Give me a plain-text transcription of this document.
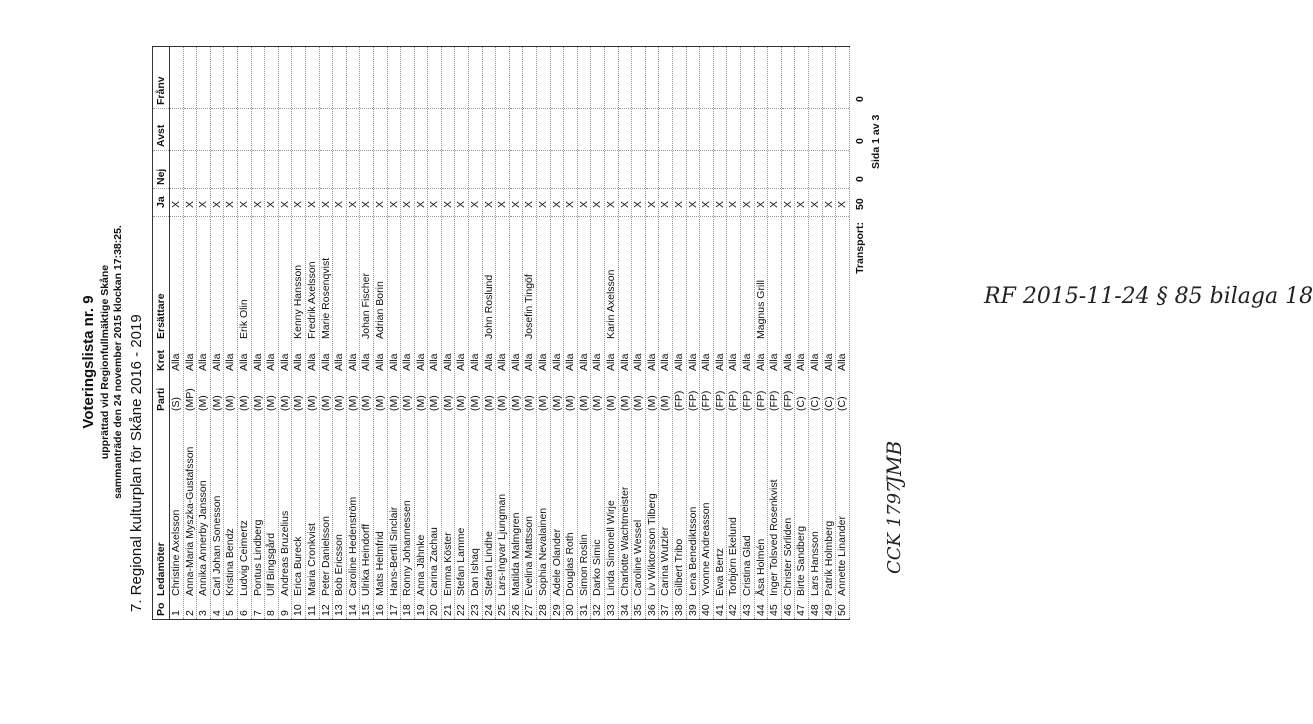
Voteringslista nr. 9 upprättad vid Regionfullmäktige Skåne sammanträde den 24 november 2015 klockan 17:38:25. 7. Regional kulturplan för Skåne 2016 - 2019 Po
Ledamöter
Parti
Kret
Ersättare
Ja
Nej
Avst
Frånv
1
Christine Axelsson
(S)
Alla
X
2
Anna-Maria Myszka-Gustafsson
(MP)
Alla
X
3
Annika Annerby Jansson
(M)
Alla
X
4
Carl Johan Sonesson
(M)
Alla
X
5
Kristina Bendz
(M)
Alla
X
6
Ludvig Ceimertz
(M)
Alla
Erik Olin
X
7
Pontus Lindberg
(M)
Alla
X
8
Ulf Bingsgård
(M)
Alla
X
9
Andreas Bruzelius
(M)
Alla
X
10
Erica Bureck
(M)
Alla
Kenny Hansson
X
11
Maria Cronkvist
(M)
Alla
Fredrik Axelsson
X
12
Peter Danielsson
(M)
Alla
Marie Rosenqvist
X
13
Bob Ericsson
(M)
Alla
X
14
Caroline Hedenström
(M)
Alla
X
15
Ulrika Heindorff
(M)
Alla
Johan Fischer
X
16
Mats Helmfrid
(M)
Alla
Adrian Borin
X
17
Hans-Bertil Sinclair
(M)
Alla
X
18
Ronny Johannessen
(M)
Alla
X
19
Anna Jähnke
(M)
Alla
X
20
Carina Zachau
(M)
Alla
X
21
Emma Köster
(M)
Alla
X
22
Stefan Lamme
(M)
Alla
X
23
Dan Ishaq
(M)
Alla
X
24
Stefan Lindhe
(M)
Alla
John Roslund
X
25
Lars-Ingvar Ljungman
(M)
Alla
X
26
Matilda Malmgren
(M)
Alla
X
27
Evelina Mattsson
(M)
Alla
Josefin Tingöf
X
28
Sophia Nevalainen
(M)
Alla
X
29
Adele Olander
(M)
Alla
X
30
Douglas Roth
(M)
Alla
X
31
Simon Roslin
(M)
Alla
X
32
Darko Simic
(M)
Alla
X
33
Linda Simonell Wirje
(M)
Alla
Karin Axelsson
X
34
Charlotte Wachtmeister
(M)
Alla
X
35
Caroline Wessel
(M)
Alla
X
36
Liv Wiktorsson Tilberg
(M)
Alla
X
37
Carina Wutzler
(M)
Alla
X
38
Gilbert Tribo
(FP)
Alla
X
39
Lena Benediktsson
(FP)
Alla
X
40
Yvonne Andreasson
(FP)
Alla
X
41
Ewa Bertz
(FP)
Alla
X
42
Torbjörn Ekelund
(FP)
Alla
X
43
Cristina Glad
(FP)
Alla
X
44
Åsa Holmén
(FP)
Alla
Magnus Grill
X
45
Inger Tolsved Rosenkvist
(FP)
Alla
X
46
Christer Sörliden
(FP)
Alla
X
47
Birte Sandberg
(C)
Alla
X
48
Lars Hansson
(C)
Alla
X
49
Patrik Holmberg
(C)
Alla
X
50
Annette Linander
(C)
Alla
X
Transport:
50
0
0
0
Sida 1 av 3
RF 2015-11-24 § 85 bilaga 18
CCK 1797
JMB
